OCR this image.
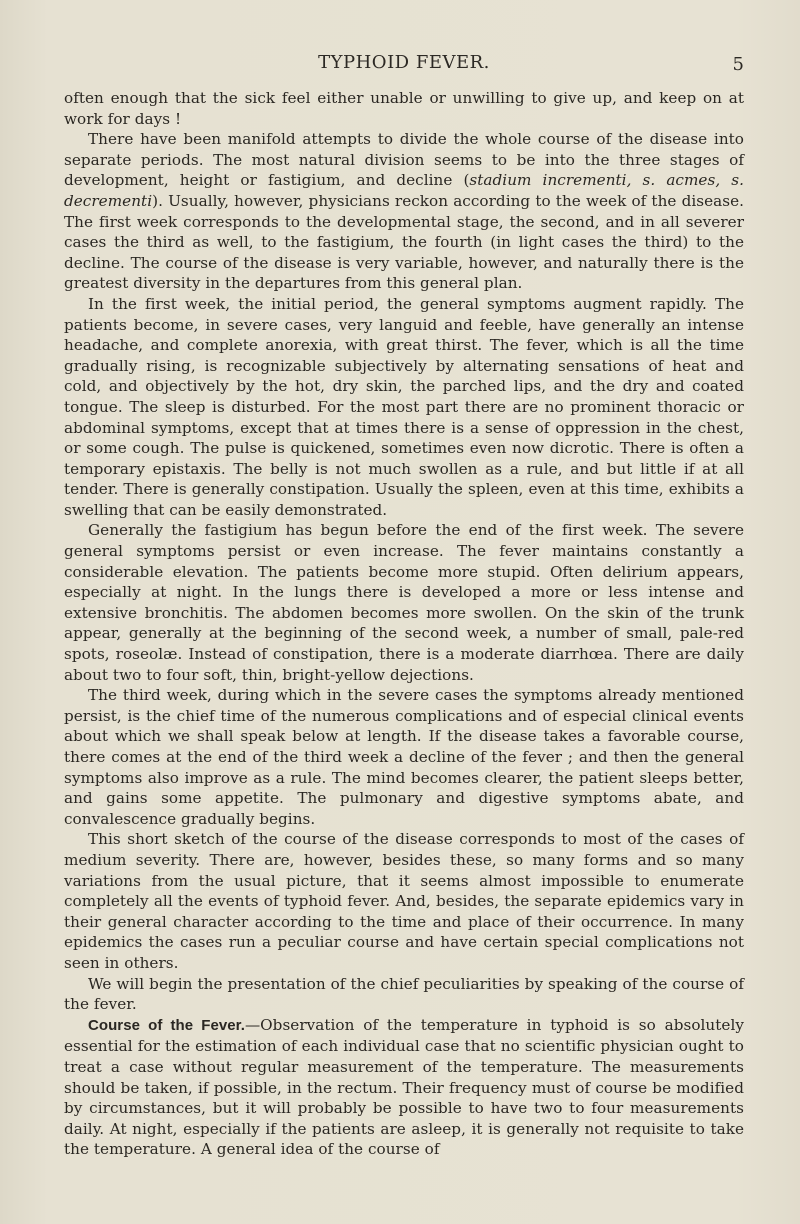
TYPHOID FEVER.	5

often enough that the sick feel either unable or unwilling to give up, and keep on at work for days !

There have been manifold attempts to divide the whole course of the disease into separate periods. The most natural division seems to be into the three stages of development, height or fastigium, and decline (stadium incrementi, s. acmes, s. decrementi). Usually, however, physicians reckon according to the week of the disease. The first week corresponds to the developmental stage, the second, and in all severer cases the third as well, to the fastigium, the fourth (in light cases the third) to the decline. The course of the disease is very variable, however, and naturally there is the greatest diversity in the departures from this general plan.

In the first week, the initial period, the general symptoms augment rapidly. The patients become, in severe cases, very languid and feeble, have generally an intense headache, and complete anorexia, with great thirst. The fever, which is all the time gradually rising, is recognizable subjectively by alternating sensations of heat and cold, and objectively by the hot, dry skin, the parched lips, and the dry and coated tongue. The sleep is disturbed. For the most part there are no prominent thoracic or abdominal symptoms, except that at times there is a sense of oppression in the chest, or some cough. The pulse is quickened, sometimes even now dicrotic. There is often a temporary epistaxis. The belly is not much swollen as a rule, and but little if at all tender. There is generally constipation. Usually the spleen, even at this time, exhibits a swelling that can be easily demonstrated.

Generally the fastigium has begun before the end of the first week. The severe general symptoms persist or even increase. The fever maintains constantly a considerable elevation. The patients become more stupid. Often delirium appears, especially at night. In the lungs there is developed a more or less intense and extensive bronchitis. The abdomen becomes more swollen. On the skin of the trunk appear, generally at the beginning of the second week, a number of small, pale-red spots, roseolæ. Instead of constipation, there is a moderate diarrhœa. There are daily about two to four soft, thin, bright-yellow dejections.

The third week, during which in the severe cases the symptoms already mentioned persist, is the chief time of the numerous complications and of especial clinical events about which we shall speak below at length. If the disease takes a favorable course, there comes at the end of the third week a decline of the fever ; and then the general symptoms also improve as a rule. The mind becomes clearer, the patient sleeps better, and gains some appetite. The pulmonary and digestive symptoms abate, and convalescence gradually begins.

This short sketch of the course of the disease corresponds to most of the cases of medium severity. There are, however, besides these, so many forms and so many variations from the usual picture, that it seems almost impossible to enumerate completely all the events of typhoid fever. And, besides, the separate epidemics vary in their general character according to the time and place of their occurrence. In many epidemics the cases run a peculiar course and have certain special complications not seen in others.

We will begin the presentation of the chief peculiarities by speaking of the course of the fever.

Course of the Fever.—Observation of the temperature in typhoid is so absolutely essential for the estimation of each individual case that no scientific physician ought to treat a case without regular measurement of the temperature. The measurements should be taken, if possible, in the rectum. Their frequency must of course be modified by circumstances, but it will probably be possible to have two to four measurements daily. At night, especially if the patients are asleep, it is generally not requisite to take the temperature. A general idea of the course of
